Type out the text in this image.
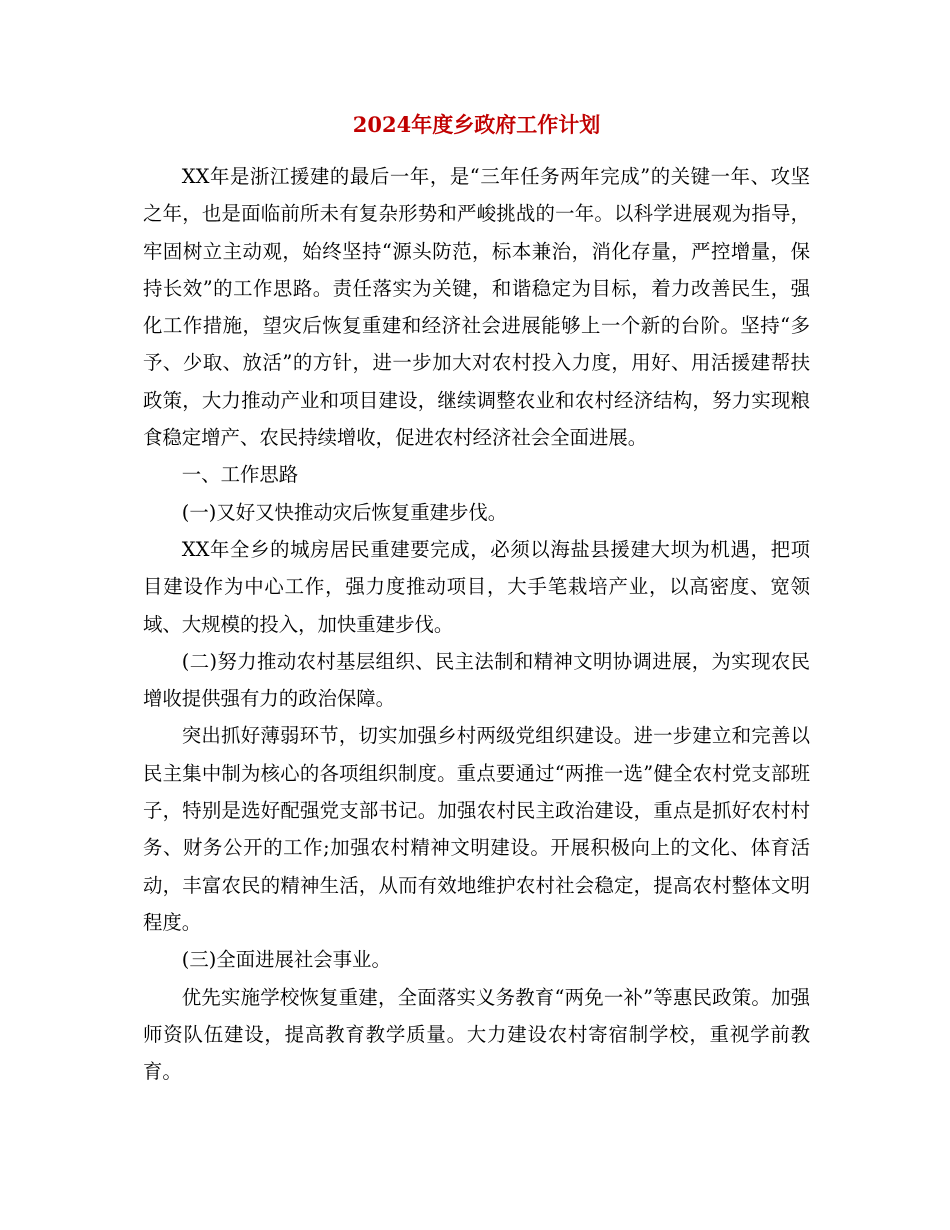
2024年度乡政府工作计划

XX年是浙江援建的最后一年，是“三年任务两年完成”的关键一年、攻坚之年，也是面临前所未有复杂形势和严峻挑战的一年。以科学进展观为指导，牢固树立主动观，始终坚持“源头防范，标本兼治，消化存量，严控增量，保持长效”的工作思路。责任落实为关键，和谐稳定为目标，着力改善民生，强化工作措施，望灾后恢复重建和经济社会进展能够上一个新的台阶。坚持“多予、少取、放活”的方针，进一步加大对农村投入力度，用好、用活援建帮扶政策，大力推动产业和项目建设，继续调整农业和农村经济结构，努力实现粮食稳定增产、农民持续增收，促进农村经济社会全面进展。

一、工作思路

(一)又好又快推动灾后恢复重建步伐。

XX年全乡的城房居民重建要完成，必须以海盐县援建大坝为机遇，把项目建设作为中心工作，强力度推动项目，大手笔栽培产业，以高密度、宽领域、大规模的投入，加快重建步伐。

(二)努力推动农村基层组织、民主法制和精神文明协调进展，为实现农民增收提供强有力的政治保障。

突出抓好薄弱环节，切实加强乡村两级党组织建设。进一步建立和完善以民主集中制为核心的各项组织制度。重点要通过“两推一选”健全农村党支部班子，特别是选好配强党支部书记。加强农村民主政治建设，重点是抓好农村村务、财务公开的工作;加强农村精神文明建设。开展积极向上的文化、体育活动，丰富农民的精神生活，从而有效地维护农村社会稳定，提高农村整体文明程度。

(三)全面进展社会事业。

优先实施学校恢复重建，全面落实义务教育“两免一补”等惠民政策。加强师资队伍建设，提高教育教学质量。大力建设农村寄宿制学校，重视学前教育。
